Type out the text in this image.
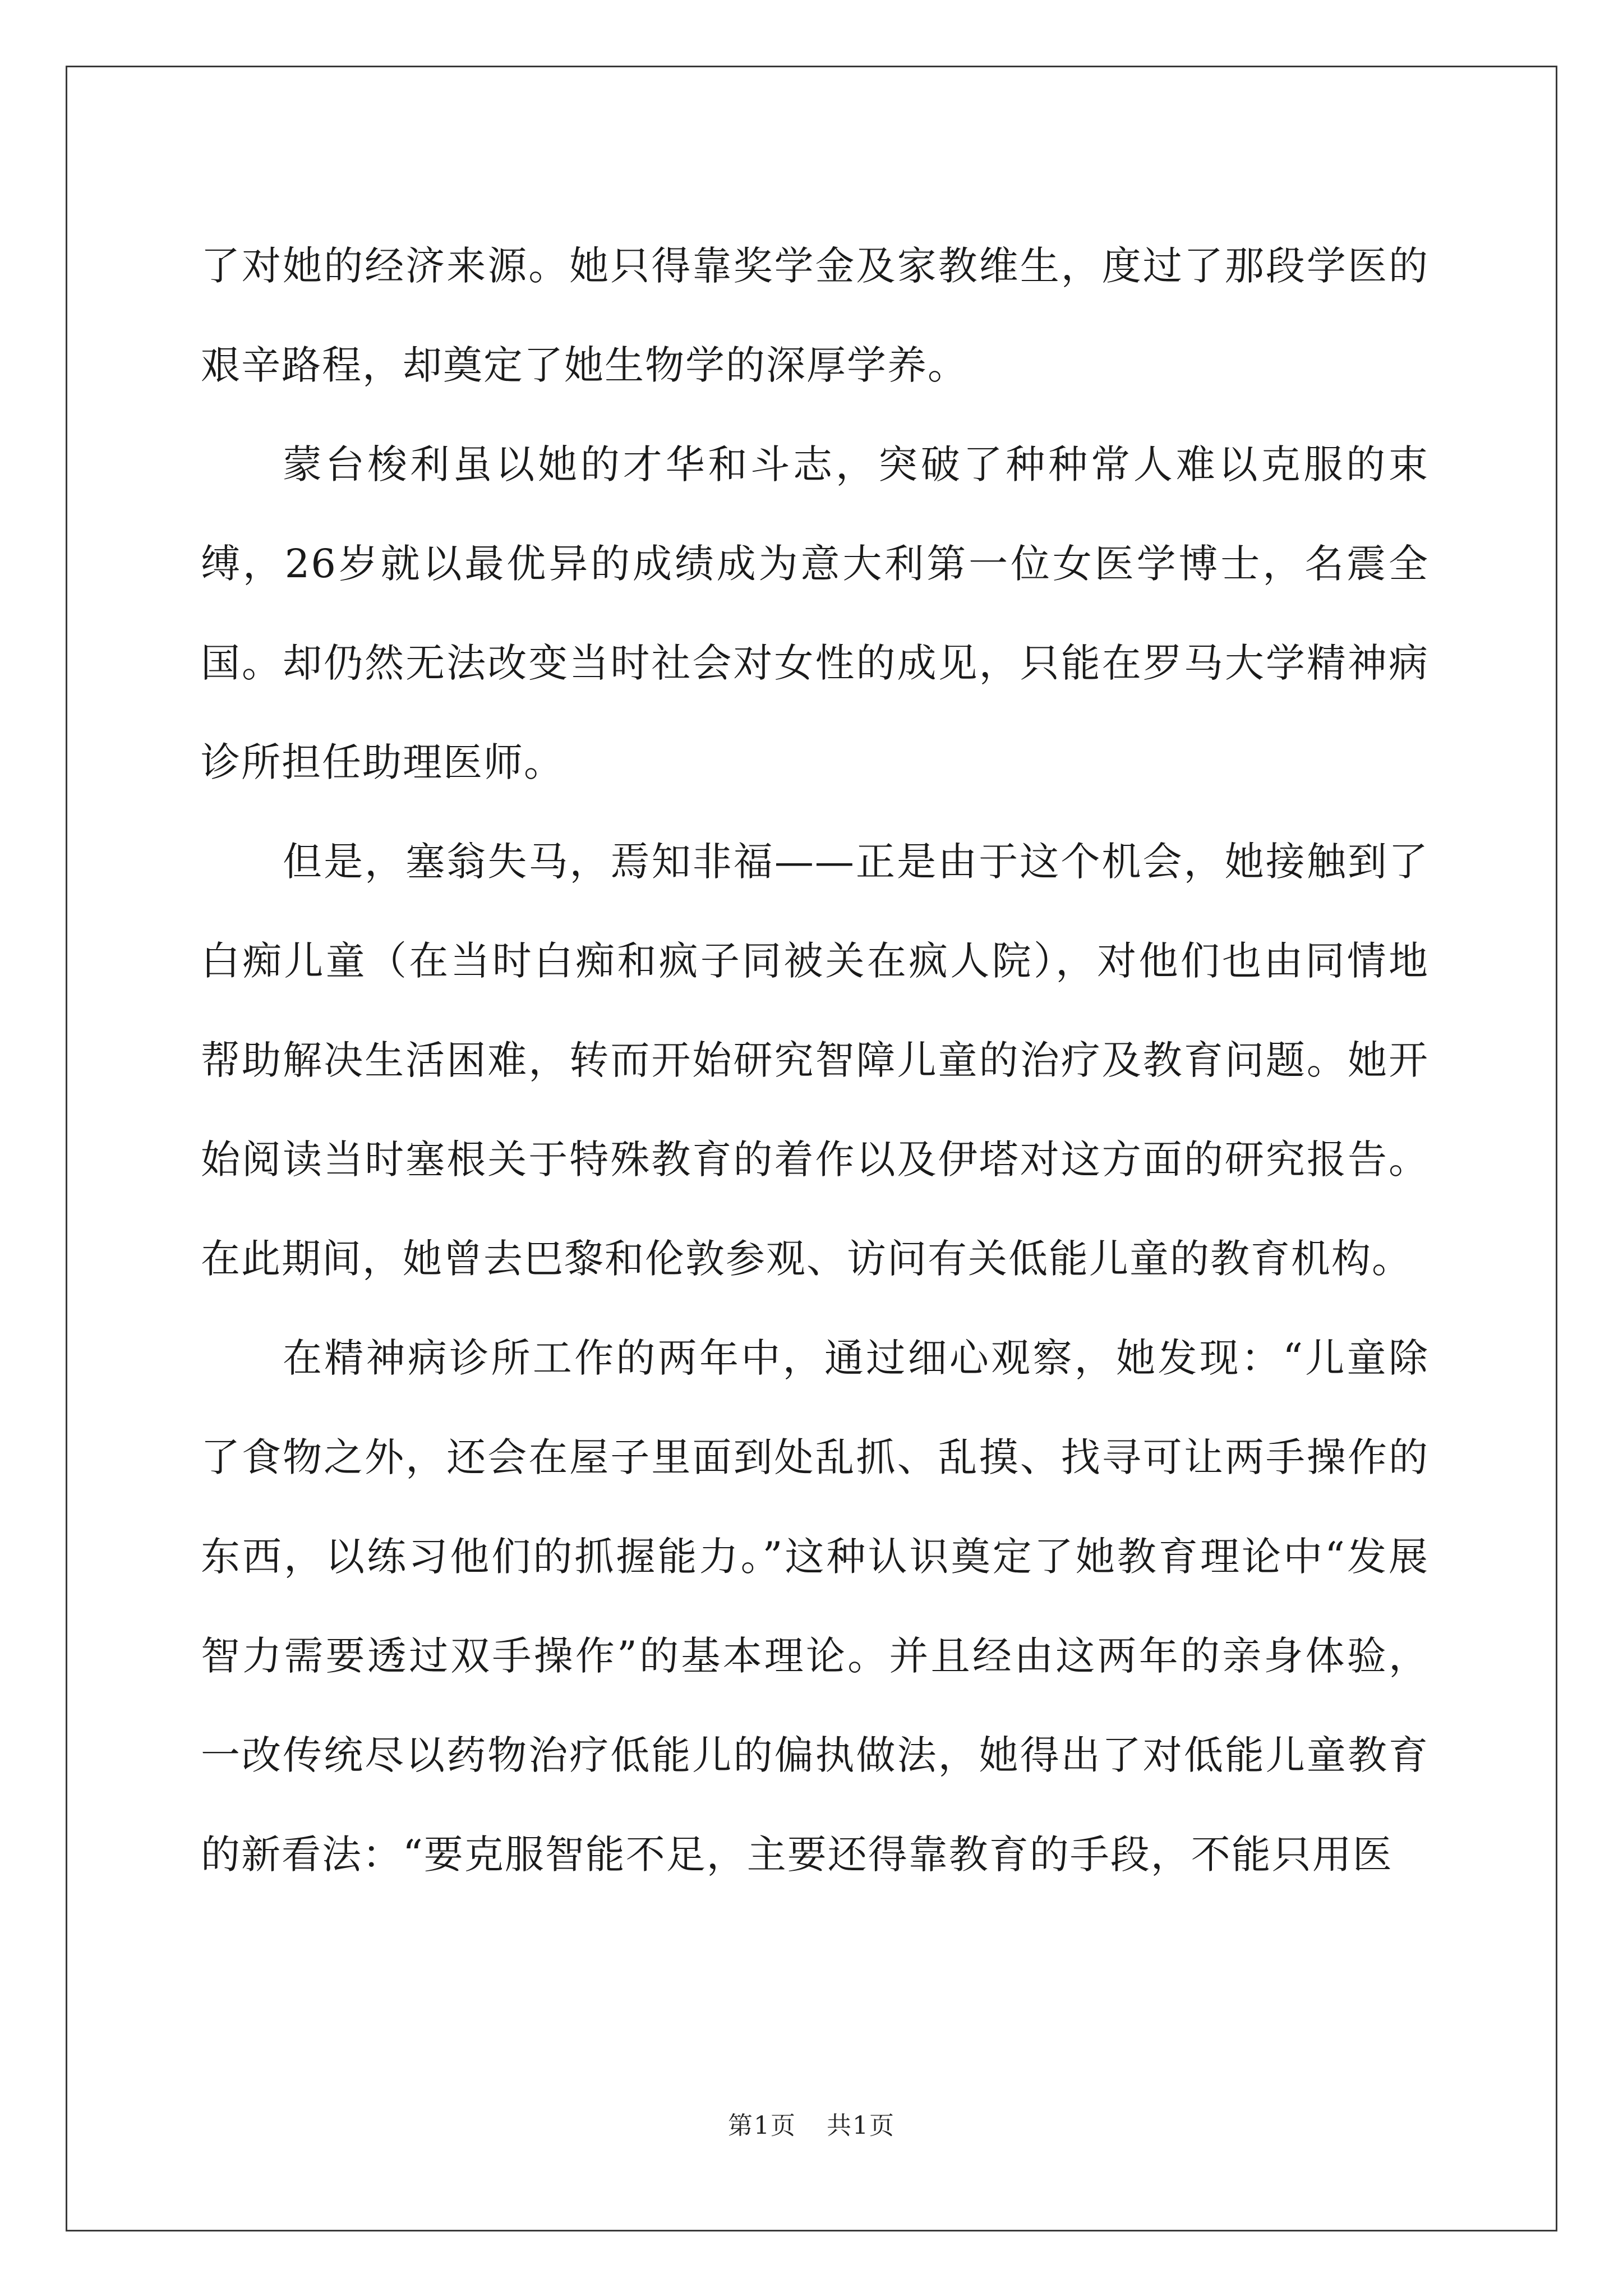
了对她的经济来源。她只得靠奖学金及家教维生，度过了那段学医的艰辛路程，却奠定了她生物学的深厚学养。

蒙台梭利虽以她的才华和斗志，突破了种种常人难以克服的束缚，26岁就以最优异的成绩成为意大利第一位女医学博士，名震全国。却仍然无法改变当时社会对女性的成见，只能在罗马大学精神病诊所担任助理医师。

但是，塞翁失马，焉知非福——正是由于这个机会，她接触到了白痴儿童（在当时白痴和疯子同被关在疯人院），对他们也由同情地帮助解决生活困难，转而开始研究智障儿童的治疗及教育问题。她开始阅读当时塞根关于特殊教育的着作以及伊塔对这方面的研究报告。在此期间，她曾去巴黎和伦敦参观、访问有关低能儿童的教育机构。

在精神病诊所工作的两年中，通过细心观察，她发现：“儿童除了食物之外，还会在屋子里面到处乱抓、乱摸、找寻可让两手操作的东西，以练习他们的抓握能力。”这种认识奠定了她教育理论中“发展智力需要透过双手操作”的基本理论。并且经由这两年的亲身体验，一改传统尽以药物治疗低能儿的偏执做法，她得出了对低能儿童教育的新看法：“要克服智能不足，主要还得靠教育的手段，不能只用医

第1页 共1页
